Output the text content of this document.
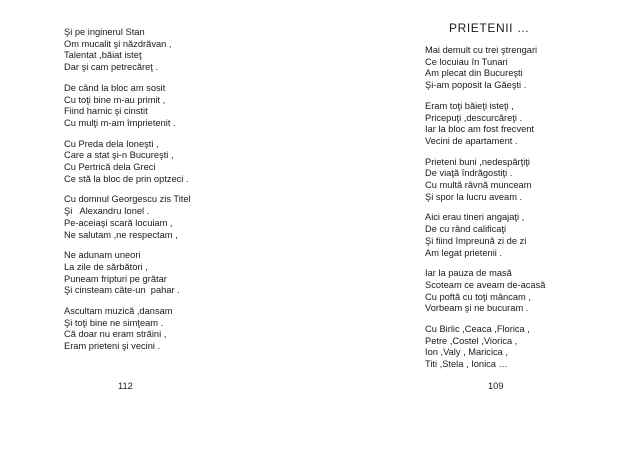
Şi pe inginerul Stan
Om mucalit şi năzdrăvan ,
Talentat ,băiat isteţ
Dar şi cam petrecăreţ .
De când la bloc am sosit
Cu toţi bine m-au primit ,
Fiind harnic şi cinstit
Cu mulţi m-am împrietenit .
Cu Preda dela Ioneşti ,
Care a stat şi-n Bucureşti ,
Cu Pertrică dela Greci
Ce stă la bloc de prin optzeci .
Cu domnul Georgescu zis Titel
Şi   Alexandru Ionel .
Pe-aceiaşi scară locuiam ,
Ne salutam ,ne respectam ,
Ne adunam uneori
La zile de sărbători ,
Puneam fripturi pe grătar
Şi cinsteam câte-un  pahar .
Ascultam muzică ,dansam
Şi toţi bine ne simţeam .
Că doar nu eram străini ,
Eram prieteni şi vecini .
112
PRIETENII …
Mai demult cu trei ştrengari
Ce locuiau în Tunari
Am plecat din Bucureşti
Şi-am poposit la Găeşti .
Eram toţi băieţi isteţi ,
Pricepuţi ,descurcăreţi .
Iar la bloc am fost frecvent
Vecini de apartament .
Prieteni buni ,nedespărţiţi
De viaţă îndrăgostiţi .
Cu multă râvnă munceam
Şi spor la lucru aveam .
Aici erau tineri angajaţi ,
De cu rând calificaţi
Şi fiind împreună zi de zi
Am legat prietenii .
Iar la pauza de masă
Scoteam ce aveam de-acasă
Cu poftă cu toţi mâncam ,
Vorbeam şi ne bucuram .
Cu Birlic ,Ceaca ,Florica ,
Petre ,Costel ,Viorica ,
Ion ,Valy , Maricica ,
Titi ,Stela , Ionica …
109
